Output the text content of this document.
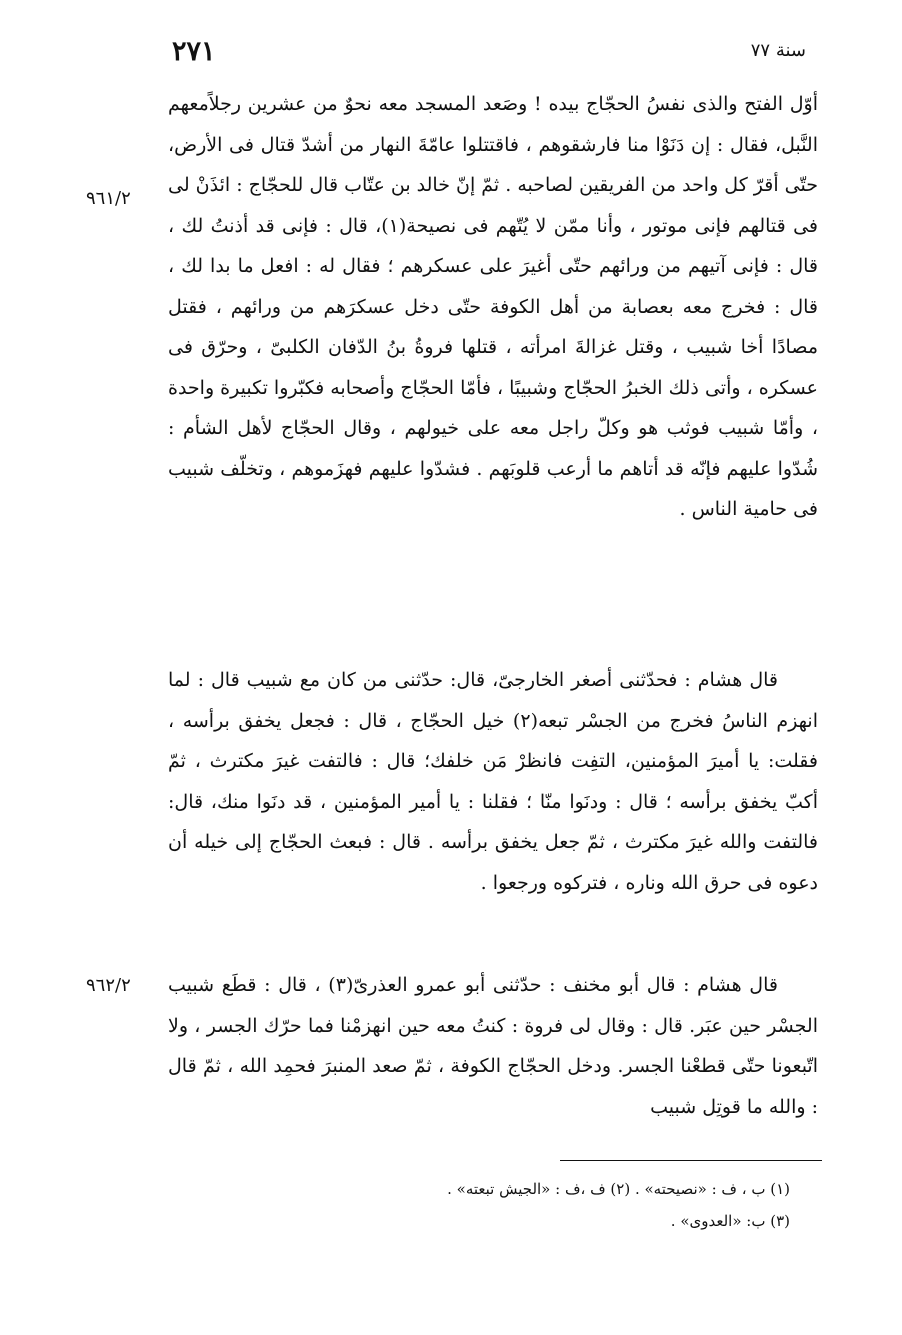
٢٧١	سنة ٧٧
٩٦١/٢
٩٦٢/٢

أوّل الفتح والذى نفسُ الحجّاج بيده ! وصَعد المسجد معه نحوٌ من عشرين رجلاًمعهم النَّبل، فقال : إن دَنَوْا منا فارشقوهم ، فاقتتلوا عامّةَ النهار من أشدّ قتال فى الأرض، حتّى أقرّ كل واحد من الفريقين لصاحبه . ثمّ إنّ خالد بن عتّاب قال للحجّاج : ائذَنْ لى فى قتالهم فإنى موتور ، وأنا ممّن لا يُتّهم فى نصيحة(١)، قال : فإنى قد أذنتُ لك ، قال : فإنى آتيهم من ورائهم حتّى أغيرَ على عسكرهم ؛ فقال له : افعل ما بدا لك ، قال : فخرج معه بعصابة من أهل الكوفة حتّى دخل عسكرَهم من ورائهم ، فقتل مصادًا أخا شبيب ، وقتل غزالةَ امرأته ، قتلها فروةُ بنُ الدّفان الكلبىّ ، وحرّق فى عسكره ، وأتى ذلك الخبرُ الحجّاج وشبيبًا ، فأمّا الحجّاج وأصحابه فكبّروا تكبيرة واحدة ، وأمّا شبيب فوثب هو وكلّ راجل معه على خيولهم ، وقال الحجّاج لأهل الشأم : شُدّوا عليهم فإنّه قد أتاهم ما أرعب قلوبَهم . فشدّوا عليهم فهزَموهم ، وتخلّف شبيب فى حامية الناس .

قال هشام : فحدّثنى أصغر الخارجىّ، قال: حدّثنى من كان مع شبيب قال : لما انهزم الناسُ فخرج من الجسْر تبعه(٢) خيل الحجّاج ، قال : فجعل يخفق برأسه ، فقلت: يا أميرَ المؤمنين، التفِت فانظرْ مَن خلفك؛ قال : فالتفت غيرَ مكترث ، ثمّ أكبّ يخفق برأسه ؛ قال : ودنَوا منّا ؛ فقلنا : يا أمير المؤمنين ، قد دنَوا منك، قال: فالتفت والله غيرَ مكترث ، ثمّ جعل يخفق برأسه . قال : فبعث الحجّاج إلى خيله أن دعوه فى حرق الله وناره ، فتركوه ورجعوا .

قال هشام : قال أبو مخنف : حدّثنى أبو عمرو العذرىّ(٣) ، قال : قطَع شبيب الجسْر حين عبَر. قال : وقال لى فروة : كنتُ معه حين انهزمْنا فما حرّك الجسر ، ولا اتّبعونا حتّى قطعْنا الجسر. ودخل الحجّاج الكوفة ، ثمّ صعد المنبرَ فحمِد الله ، ثمّ قال : والله ما قوتِل شبيب

(١) ب ، ف : «نصيحته» . (٢) ف ،ف : «الجيش تبعته» .
(٣) ب: «العدوى» .
